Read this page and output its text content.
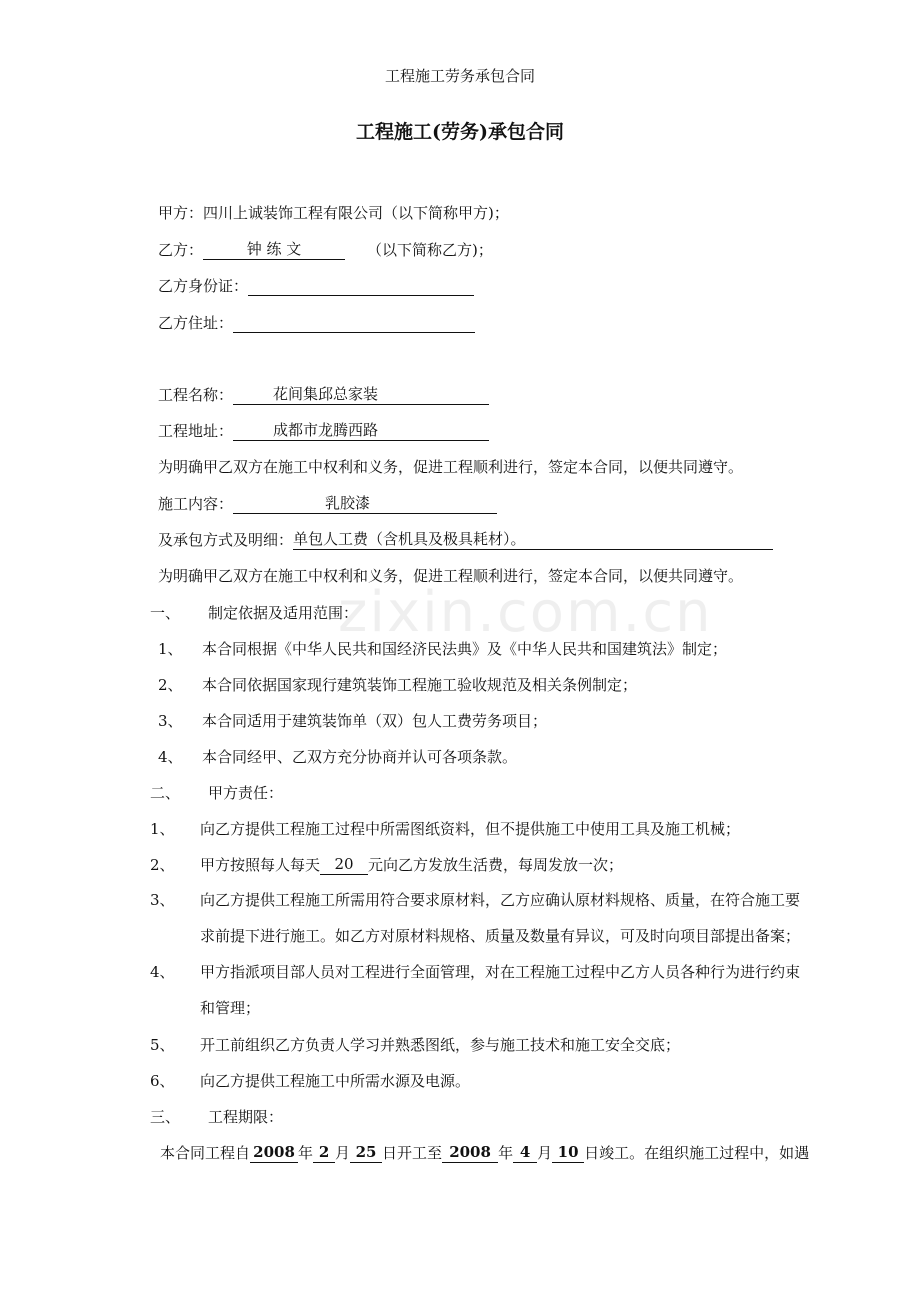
zixin.com.cn
工程施工劳务承包合同
工程施工(劳务)承包合同
甲方：四川上诚装饰工程有限公司（以下简称甲方)；
乙方：	钟 练 文	（以下简称乙方)；
乙方身份证：
乙方住址：
工程名称：	花间集邱总家装
工程地址：	成都市龙腾西路
为明确甲乙双方在施工中权利和义务，促进工程顺利进行，签定本合同，以便共同遵守。
施工内容：	乳胶漆
及承包方式及明细：单包人工费（含机具及极具耗材）。
为明确甲乙双方在施工中权利和义务，促进工程顺利进行，签定本合同，以便共同遵守。
一、 制定依据及适用范围：
1、 本合同根据《中华人民共和国经济民法典》及《中华人民共和国建筑法》制定；
2、 本合同依据国家现行建筑装饰工程施工验收规范及相关条例制定；
3、 本合同适用于建筑装饰单（双）包人工费劳务项目；
4、 本合同经甲、乙双方充分协商并认可各项条款。
二、 甲方责任：
1、 向乙方提供工程施工过程中所需图纸资料，但不提供施工中使用工具及施工机械；
2、 甲方按照每人每天 20 元向乙方发放生活费，每周发放一次；
3、 向乙方提供工程施工所需用符合要求原材料，乙方应确认原材料规格、质量，在符合施工要
求前提下进行施工。如乙方对原材料规格、质量及数量有异议，可及时向项目部提出备案；
4、 甲方指派项目部人员对工程进行全面管理，对在工程施工过程中乙方人员各种行为进行约束
和管理；
5、 开工前组织乙方负责人学习并熟悉图纸，参与施工技术和施工安全交底；
6、 向乙方提供工程施工中所需水源及电源。
三、 工程期限：
本合同工程自 2008 年 2 月 25 日开工至 2008 年 4 月 10 日竣工。在组织施工过程中，如遇
